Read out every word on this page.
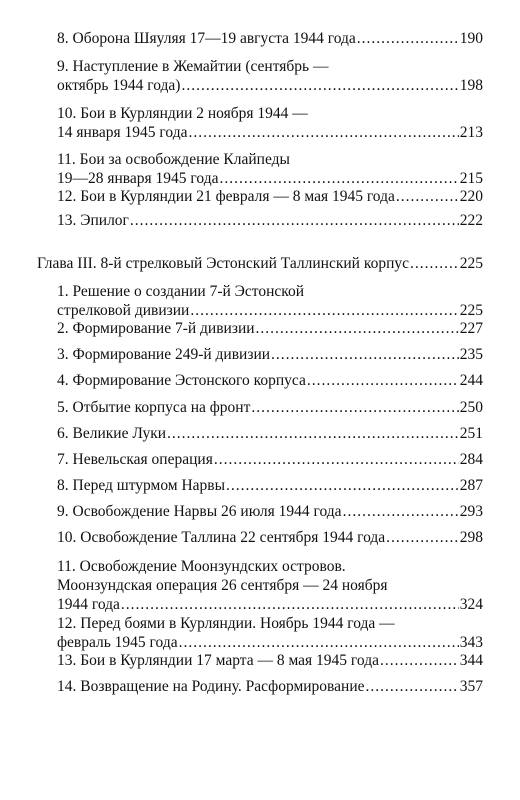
8. Оборона Шяуляя 17—19 августа 1944 года .....	190
9. Наступление в Жемайтии (сентябрь —
октябрь 1944 года) .....	198
10. Бои в Курляндии 2 ноября 1944 —
14 января 1945 года .....	213
11. Бои за освобождение Клайпеды
19—28 января 1945 года .....	215
12. Бои в Курляндии 21 февраля — 8 мая 1945 года .....	220
13. Эпилог .....	222
Глава III. 8-й стрелковый Эстонский Таллинский корпус .....	225
1. Решение о создании 7-й Эстонской
стрелковой дивизии .....	225
2. Формирование 7-й дивизии .....	227
3. Формирование 249-й дивизии .....	235
4. Формирование Эстонского корпуса .....	244
5. Отбытие корпуса на фронт .....	250
6. Великие Луки .....	251
7. Невельская операция .....	284
8. Перед штурмом Нарвы .....	287
9. Освобождение Нарвы 26 июля 1944 года .....	293
10. Освобождение Таллина 22 сентября 1944 года .....	298
11. Освобождение Моонзундских островов.
Моонзундская операция 26 сентября — 24 ноября
1944 года .....	324
12. Перед боями в Курляндии. Ноябрь 1944 года —
февраль 1945 года .....	343
13. Бои в Курляндии 17 марта — 8 мая 1945 года .....	344
14. Возвращение на Родину. Расформирование .....	357
